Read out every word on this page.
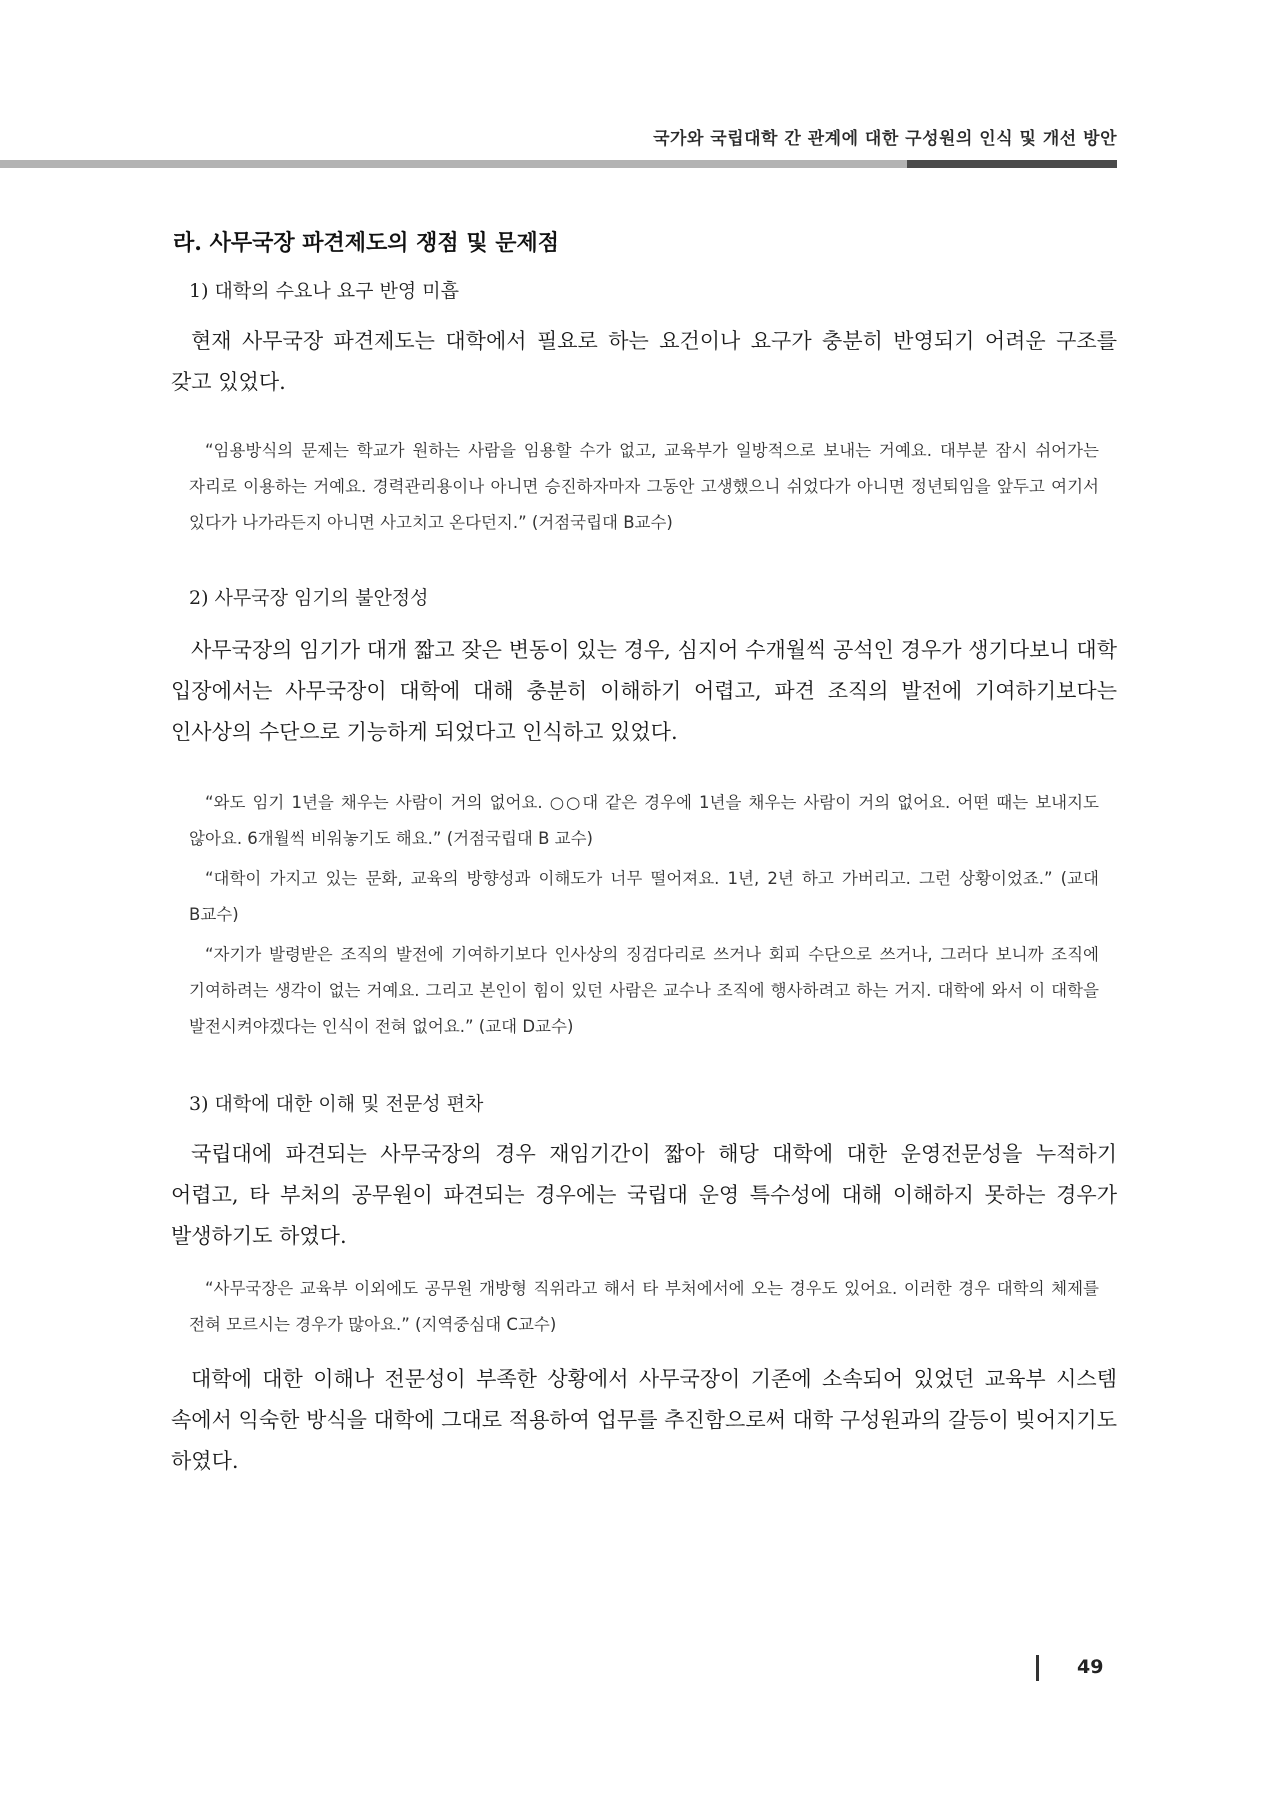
국가와 국립대학 간 관계에 대한 구성원의 인식 및 개선 방안
라. 사무국장 파견제도의 쟁점 및 문제점
1) 대학의 수요나 요구 반영 미흡

현재 사무국장 파견제도는 대학에서 필요로 하는 요건이나 요구가 충분히 반영되기 어려운 구조를 갖고 있었다.

“임용방식의 문제는 학교가 원하는 사람을 임용할 수가 없고, 교육부가 일방적으로 보내는 거예요. 대부분 잠시 쉬어가는 자리로 이용하는 거예요. 경력관리용이나 아니면 승진하자마자 그동안 고생했으니 쉬었다가 아니면 정년퇴임을 앞두고 여기서 있다가 나가라든지 아니면 사고치고 온다던지.” (거점국립대 B교수)

2) 사무국장 임기의 불안정성

사무국장의 임기가 대개 짧고 잦은 변동이 있는 경우, 심지어 수개월씩 공석인 경우가 생기다보니 대학 입장에서는 사무국장이 대학에 대해 충분히 이해하기 어렵고, 파견 조직의 발전에 기여하기보다는 인사상의 수단으로 기능하게 되었다고 인식하고 있었다.

“와도 임기 1년을 채우는 사람이 거의 없어요. ○○대 같은 경우에 1년을 채우는 사람이 거의 없어요. 어떤 때는 보내지도 않아요. 6개월씩 비워놓기도 해요.” (거점국립대 B 교수)

“대학이 가지고 있는 문화, 교육의 방향성과 이해도가 너무 떨어져요. 1년, 2년 하고 가버리고. 그런 상황이었죠.” (교대 B교수)

“자기가 발령받은 조직의 발전에 기여하기보다 인사상의 징검다리로 쓰거나 회피 수단으로 쓰거나, 그러다 보니까 조직에 기여하려는 생각이 없는 거예요. 그리고 본인이 힘이 있던 사람은 교수나 조직에 행사하려고 하는 거지. 대학에 와서 이 대학을 발전시켜야겠다는 인식이 전혀 없어요.” (교대 D교수)

3) 대학에 대한 이해 및 전문성 편차

국립대에 파견되는 사무국장의 경우 재임기간이 짧아 해당 대학에 대한 운영전문성을 누적하기 어렵고, 타 부처의 공무원이 파견되는 경우에는 국립대 운영 특수성에 대해 이해하지 못하는 경우가 발생하기도 하였다.

“사무국장은 교육부 이외에도 공무원 개방형 직위라고 해서 타 부처에서에 오는 경우도 있어요. 이러한 경우 대학의 체제를 전혀 모르시는 경우가 많아요.” (지역중심대 C교수)

대학에 대한 이해나 전문성이 부족한 상황에서 사무국장이 기존에 소속되어 있었던 교육부 시스템 속에서 익숙한 방식을 대학에 그대로 적용하여 업무를 추진함으로써 대학 구성원과의 갈등이 빚어지기도 하였다.

49
